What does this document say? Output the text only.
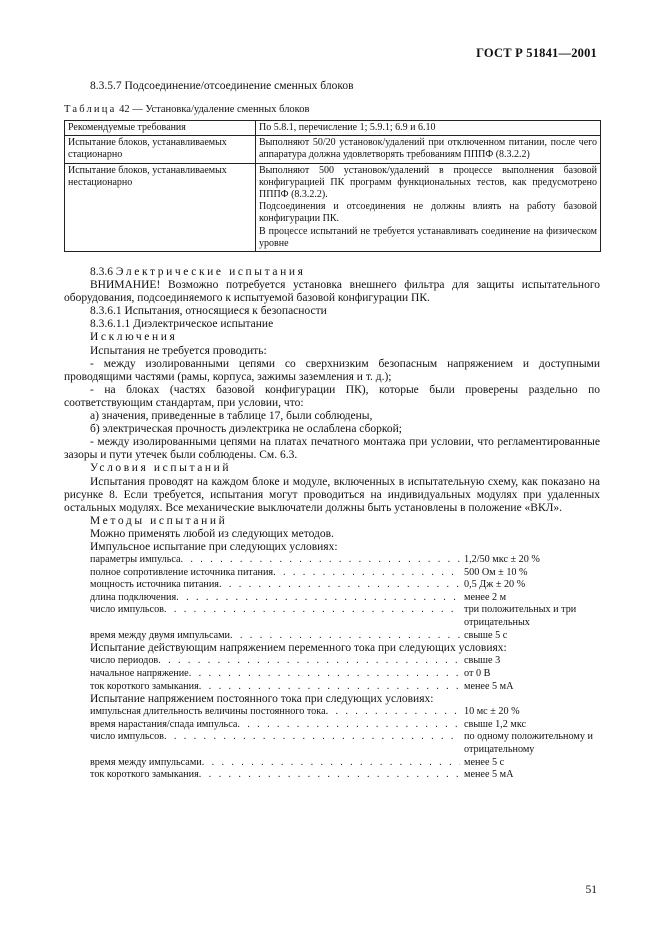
ГОСТ Р 51841—2001
8.3.5.7 Подсоединение/отсоединение сменных блоков
Таблица 42 — Установка/удаление сменных блоков
Рекомендуемые требования	По 5.8.1, перечисление 1; 5.9.1; 6.9 и 6.10
Испытание блоков, устанавливаемых стационарно	Выполняют 50/20 установок/удалений при отключенном питании, после чего аппаратура должна удовлетворять требованиям ПППФ (8.3.2.2)
Испытание блоков, устанавливаемых нестационарно	Выполняют 500 установок/удалений в процессе выполнения базовой конфигурацией ПК программ функциональных тестов, как предусмотрено ПППФ (8.3.2.2).
Подсоединения и отсоединения не должны влиять на работу базовой конфигурации ПК.
В процессе испытаний не требуется устанавливать соединение на физическом уровне

8.3.6 Электрические испытания

ВНИМАНИЕ! Возможно потребуется установка внешнего фильтра для защиты испытательного оборудования, подсоединяемого к испытуемой базовой конфигурации ПК.

8.3.6.1 Испытания, относящиеся к безопасности

8.3.6.1.1 Диэлектрическое испытание

Исключения

Испытания не требуется проводить:

- между изолированными цепями со сверхнизким безопасным напряжением и доступными проводящими частями (рамы, корпуса, зажимы заземления и т. д.);

- на блоках (частях базовой конфигурации ПК), которые были проверены раздельно по соответствующим стандартам, при условии, что:

а) значения, приведенные в таблице 17, были соблюдены,

б) электрическая прочность диэлектрика не ослаблена сборкой;

- между изолированными цепями на платах печатного монтажа при условии, что регламентированные зазоры и пути утечек были соблюдены. См. 6.3.

Условия испытаний

Испытания проводят на каждом блоке и модуле, включенных в испытательную схему, как показано на рисунке 8. Если требуется, испытания могут проводиться на индивидуальных модулях при удаленных остальных модулях. Все механические выключатели должны быть установлены в положение «ВКЛ».

Методы испытаний

Можно применять любой из следующих методов.

Импульсное испытание при следующих условиях:

параметры импульса . . .	1,2/50 мкс ± 20 %
полное сопротивление источника питания . . .	500 Ом ± 10 %
мощность источника питания . . .	0,5 Дж ± 20 %
длина подключения . . .	менее 2 м
число импульсов . . .	три положительных и три отрицательных
время между двумя импульсами . . .	свыше 5 с

Испытание действующим напряжением переменного тока при следующих условиях:

число периодов . . .	свыше 3
начальное напряжение . . .	от 0 В
ток короткого замыкания . . .	менее 5 мА

Испытание напряжением постоянного тока при следующих условиях:

импульсная длительность величины постоянного тока . . .	10 мс ± 20 %
время нарастания/спада импульса . . .	свыше 1,2 мкс
число импульсов . . .	по одному положительному и отрицательному
время между импульсами . . .	менее 5 с
ток короткого замыкания . . .	менее 5 мА
51
